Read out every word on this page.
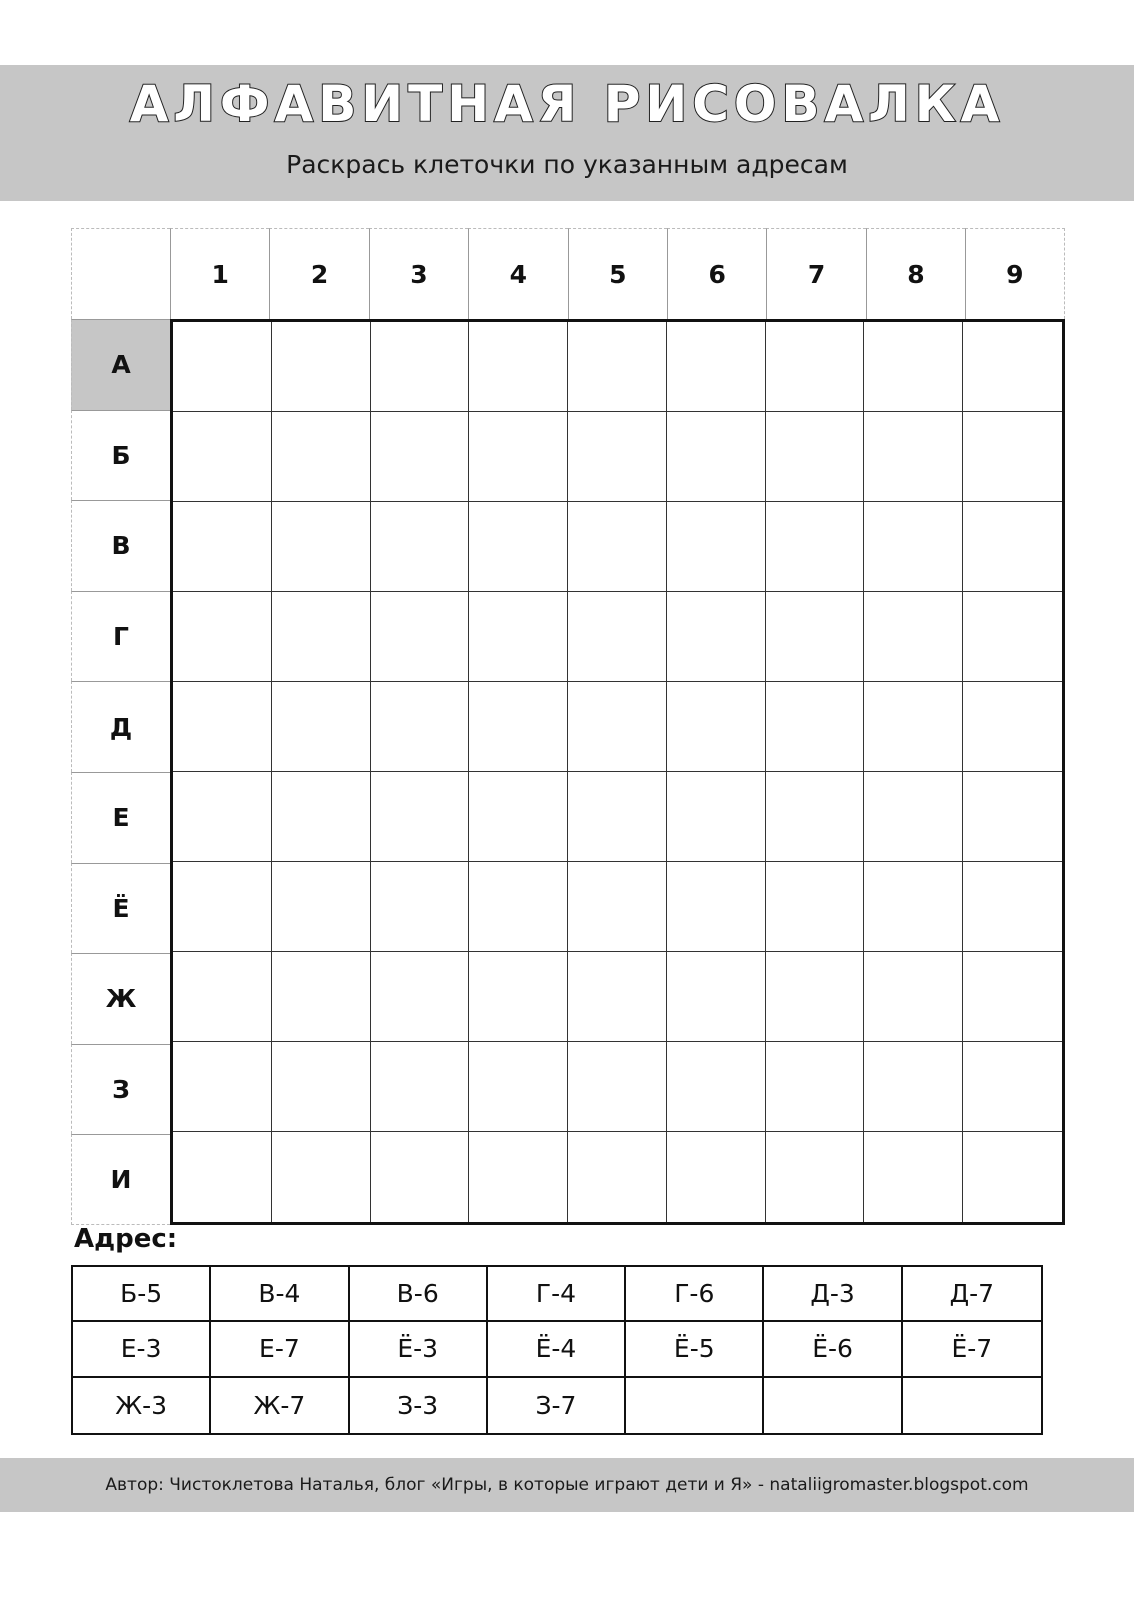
АЛФАВИТНАЯ РИСОВАЛКА
Раскрась клеточки по указанным адресам
1	2	3	4	5	6	7	8	9
А
Б
В
Г
Д
Е
Ё
Ж
З
И
Адрес:
Б-5	В-4	В-6	Г-4	Г-6	Д-3	Д-7
Е-3	Е-7	Ё-3	Ё-4	Ё-5	Ё-6	Ё-7
Ж-3	Ж-7	З-3	З-7
Автор: Чистоклетова Наталья, блог «Игры, в которые играют дети и Я» - nataliigromaster.blogspot.com
